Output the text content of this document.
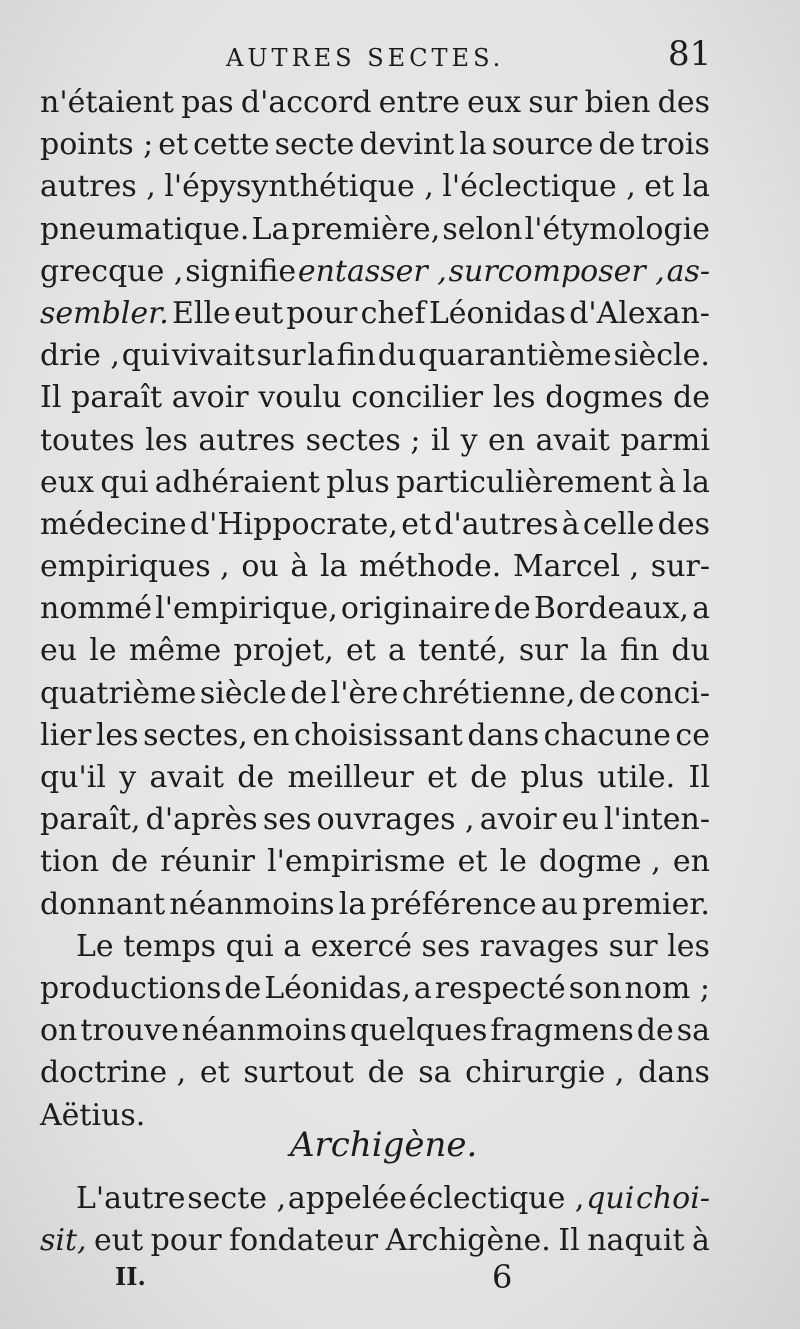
AUTRES SECTES.	81
n'étaient pas d'accord entre eux sur bien des
points ; et cette secte devint la source de trois
autres , l'épysynthétique , l'éclectique , et la
pneumatique. La première, selon l'étymologie
grecque , signifie entasser , surcomposer , as-
sembler. Elle eut pour chef Léonidas d'Alexan-
drie , qui vivait sur la fin du quarantième siècle.
Il paraît avoir voulu concilier les dogmes de
toutes les autres sectes ; il y en avait parmi
eux qui adhéraient plus particulièrement à la
médecine d'Hippocrate, et d'autres à celle des
empiriques , ou à la méthode. Marcel , sur-
nommé l'empirique, originaire de Bordeaux, a
eu le même projet, et a tenté, sur la fin du
quatrième siècle de l'ère chrétienne, de conci-
lier les sectes, en choisissant dans chacune ce
qu'il y avait de meilleur et de plus utile. Il
paraît, d'après ses ouvrages , avoir eu l'inten-
tion de réunir l'empirisme et le dogme , en
donnant néanmoins la préférence au premier.
Le temps qui a exercé ses ravages sur les
productions de Léonidas, a respecté son nom ;
on trouve néanmoins quelques fragmens de sa
doctrine , et surtout de sa chirurgie , dans
Aëtius.
Archigène.
L'autre secte , appelée éclectique , qui choi-
sit, eut pour fondateur Archigène. Il naquit à
II.	6
